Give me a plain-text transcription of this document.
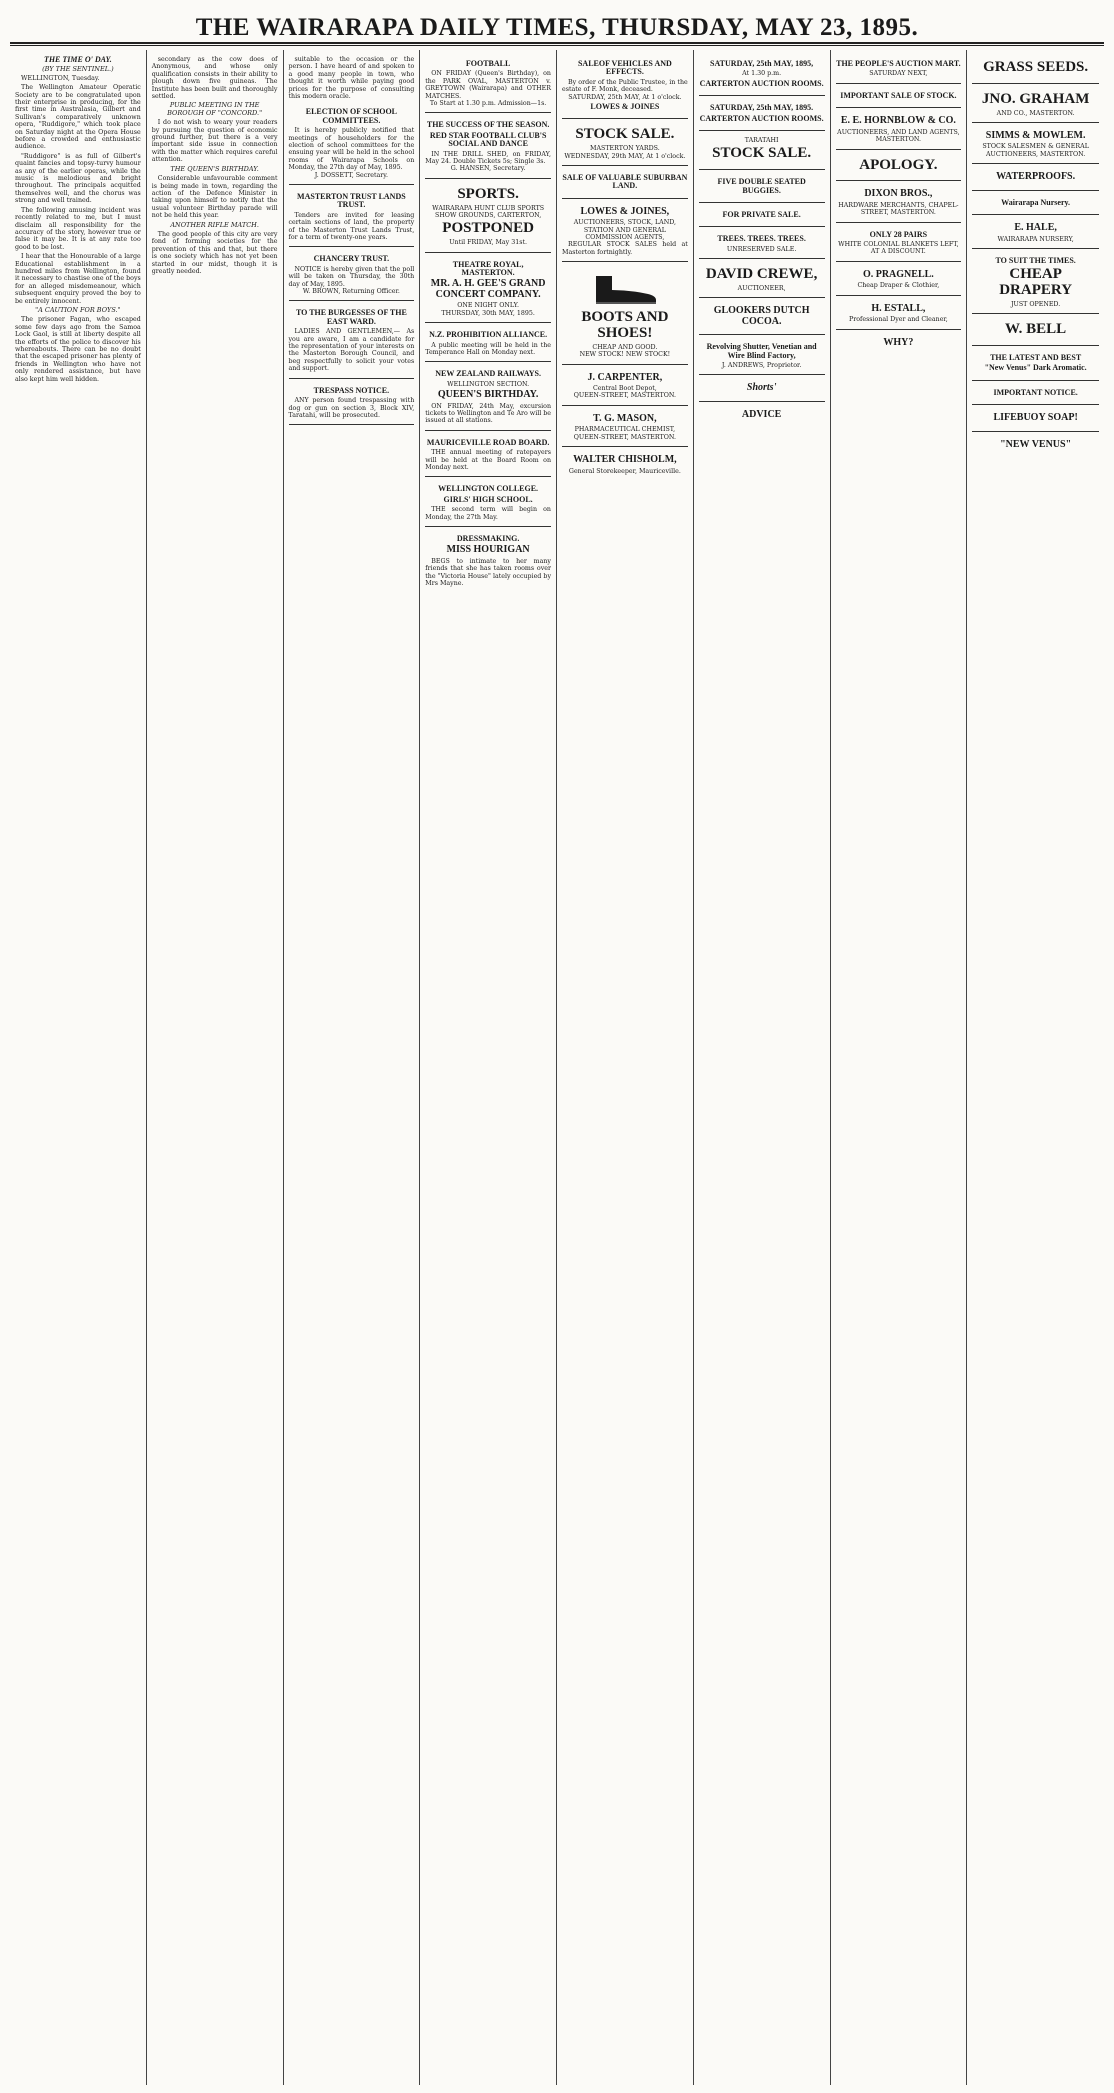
THE WAIRARAPA DAILY TIMES, THURSDAY, MAY 23, 1895.
THE TIME O' DAY.
(BY THE SENTINEL.)
WELLINGTON, Tuesday.

The Wellington Amateur Operatic Society are to be congratulated upon their enterprise in producing, for the first time in Australasia, Gilbert and Sullivan's comparatively unknown opera, "Ruddigore," which took place on Saturday night at the Opera House before a crowded and enthusiastic audience.

"Ruddigore" is as full of Gilbert's quaint fancies and topsy-turvy humour as any of the earlier operas, while the music is melodious and bright throughout. The principals acquitted themselves well, and the chorus was strong and well trained.

The following amusing incident was recently related to me, but I must disclaim all responsibility for the accuracy of the story, however true or false it may be. It is at any rate too good to be lost.

I hear that the Honourable of a large Educational establishment in a hundred miles from Wellington, found it necessary to chastise one of the boys for an alleged misdemeanour, which subsequent enquiry proved the boy to be entirely innocent.

"A CAUTION FOR BOYS."

The prisoner Fagan, who escaped some few days ago from the Samoa Lock Gaol, is still at liberty despite all the efforts of the police to discover his whereabouts. There can be no doubt that the escaped prisoner has plenty of friends in Wellington who have not only rendered assistance, but have also kept him well hidden.

secondary as the cow does of Anonymous, and whose only qualification consists in their ability to plough down five guineas. The Institute has been built and thoroughly settled.

PUBLIC MEETING IN THE BOROUGH OF "CONCORD."

I do not wish to weary your readers by pursuing the question of economic ground further, but there is a very important side issue in connection with the matter which requires careful attention.

THE QUEEN'S BIRTHDAY.

Considerable unfavourable comment is being made in town, regarding the action of the Defence Minister in taking upon himself to notify that the usual volunteer Birthday parade will not be held this year.

ANOTHER RIFLE MATCH.

The good people of this city are very fond of forming societies for the prevention of this and that, but there is one society which has not yet been started in our midst, though it is greatly needed.

suitable to the occasion or the person. I have heard of and spoken to a good many people in town, who thought it worth while paying good prices for the purpose of consulting this modern oracle.

ELECTION OF SCHOOL COMMITTEES.
It is hereby publicly notified that meetings of householders for the election of school committees for the ensuing year will be held in the school rooms of Wairarapa Schools on Monday, the 27th day of May, 1895.
J. DOSSETT, Secretary.
MASTERTON TRUST LANDS TRUST.
Tenders are invited for leasing certain sections of land, the property of the Masterton Trust Lands Trust, for a term of twenty-one years.
CHANCERY TRUST.
NOTICE is hereby given that the poll will be taken on Thursday, the 30th day of May, 1895.
W. BROWN, Returning Officer.
TO THE BURGESSES OF THE EAST WARD.
LADIES AND GENTLEMEN,— As you are aware, I am a candidate for the representation of your interests on the Masterton Borough Council, and beg respectfully to solicit your votes and support.
TRESPASS NOTICE.
ANY person found trespassing with dog or gun on section 3, Block XIV, Taratahi, will be prosecuted.
FOOTBALL
ON FRIDAY (Queen's Birthday), on the PARK OVAL, MASTERTON v. GREYTOWN (Wairarapa) and OTHER MATCHES.
To Start at 1.30 p.m. Admission—1s.
THE SUCCESS OF THE SEASON.
RED STAR FOOTBALL CLUB'S SOCIAL AND DANCE
IN THE DRILL SHED, on FRIDAY, May 24. Double Tickets 5s; Single 3s.
G. HANSEN, Secretary.
SPORTS.
WAIRARAPA HUNT CLUB SPORTS SHOW GROUNDS, CARTERTON,
POSTPONED
Until FRIDAY, May 31st.
THEATRE ROYAL, MASTERTON.
MR. A. H. GEE'S GRAND CONCERT COMPANY.
ONE NIGHT ONLY.
THURSDAY, 30th MAY, 1895.
N.Z. PROHIBITION ALLIANCE.
A public meeting will be held in the Temperance Hall on Monday next.
NEW ZEALAND RAILWAYS.
WELLINGTON SECTION.
QUEEN'S BIRTHDAY.
ON FRIDAY, 24th May, excursion tickets to Wellington and Te Aro will be issued at all stations.
MAURICEVILLE ROAD BOARD.
THE annual meeting of ratepayers will be held at the Board Room on Monday next.
WELLINGTON COLLEGE.
GIRLS' HIGH SCHOOL.
THE second term will begin on Monday, the 27th May.
DRESSMAKING.
MISS HOURIGAN
BEGS to intimate to her many friends that she has taken rooms over the "Victoria House" lately occupied by Mrs Mayne.
SALEOF VEHICLES AND EFFECTS.
By order of the Public Trustee, in the estate of F. Monk, deceased.
SATURDAY, 25th MAY, At 1 o'clock.
LOWES & JOINES
STOCK SALE.
MASTERTON YARDS.
WEDNESDAY, 29th MAY, At 1 o'clock.
SALE OF VALUABLE SUBURBAN LAND.
LOWES & JOINES,
AUCTIONEERS, STOCK, LAND, STATION AND GENERAL COMMISSION AGENTS,
REGULAR STOCK SALES held at Masterton fortnightly.
BOOTS AND SHOES!
CHEAP AND GOOD.
NEW STOCK! NEW STOCK!
J. CARPENTER,
Central Boot Depot,
QUEEN-STREET, MASTERTON.
T. G. MASON,
PHARMACEUTICAL CHEMIST,
QUEEN-STREET, MASTERTON.
WALTER CHISHOLM,
General Storekeeper, Mauriceville.
SATURDAY, 25th MAY, 1895,
At 1.30 p.m.
CARTERTON AUCTION ROOMS.
SATURDAY, 25th MAY, 1895.
CARTERTON AUCTION ROOMS.
TARATAHI
STOCK SALE.
FIVE DOUBLE SEATED BUGGIES.
FOR PRIVATE SALE.
TREES. TREES. TREES.
UNRESERVED SALE.
DAVID CREWE,
AUCTIONEER,
GLOOKERS DUTCH COCOA.
Revolving Shutter, Venetian and Wire Blind Factory,
J. ANDREWS, Proprietor.
Shorts'
ADVICE
THE PEOPLE'S AUCTION MART.
SATURDAY NEXT,
IMPORTANT SALE OF STOCK.
E. E. HORNBLOW & CO.
AUCTIONEERS, AND LAND AGENTS, MASTERTON.
APOLOGY.
DIXON BROS.,
HARDWARE MERCHANTS, CHAPEL-STREET, MASTERTON.
ONLY 28 PAIRS
WHITE COLONIAL BLANKETS LEFT, AT A DISCOUNT.
O. PRAGNELL.
Cheap Draper & Clothier,
H. ESTALL,
Professional Dyer and Cleaner,
WHY?
GRASS SEEDS.
JNO. GRAHAM
AND CO., MASTERTON.
SIMMS & MOWLEM.
STOCK SALESMEN & GENERAL AUCTIONEERS, MASTERTON.
WATERPROOFS.
Wairarapa Nursery.
E. HALE,
WAIRARAPA NURSERY,
TO SUIT THE TIMES.
CHEAP DRAPERY
JUST OPENED.
W. BELL
THE LATEST AND BEST
"New Venus" Dark Aromatic.
IMPORTANT NOTICE.
LIFEBUOY SOAP!
"NEW VENUS"
